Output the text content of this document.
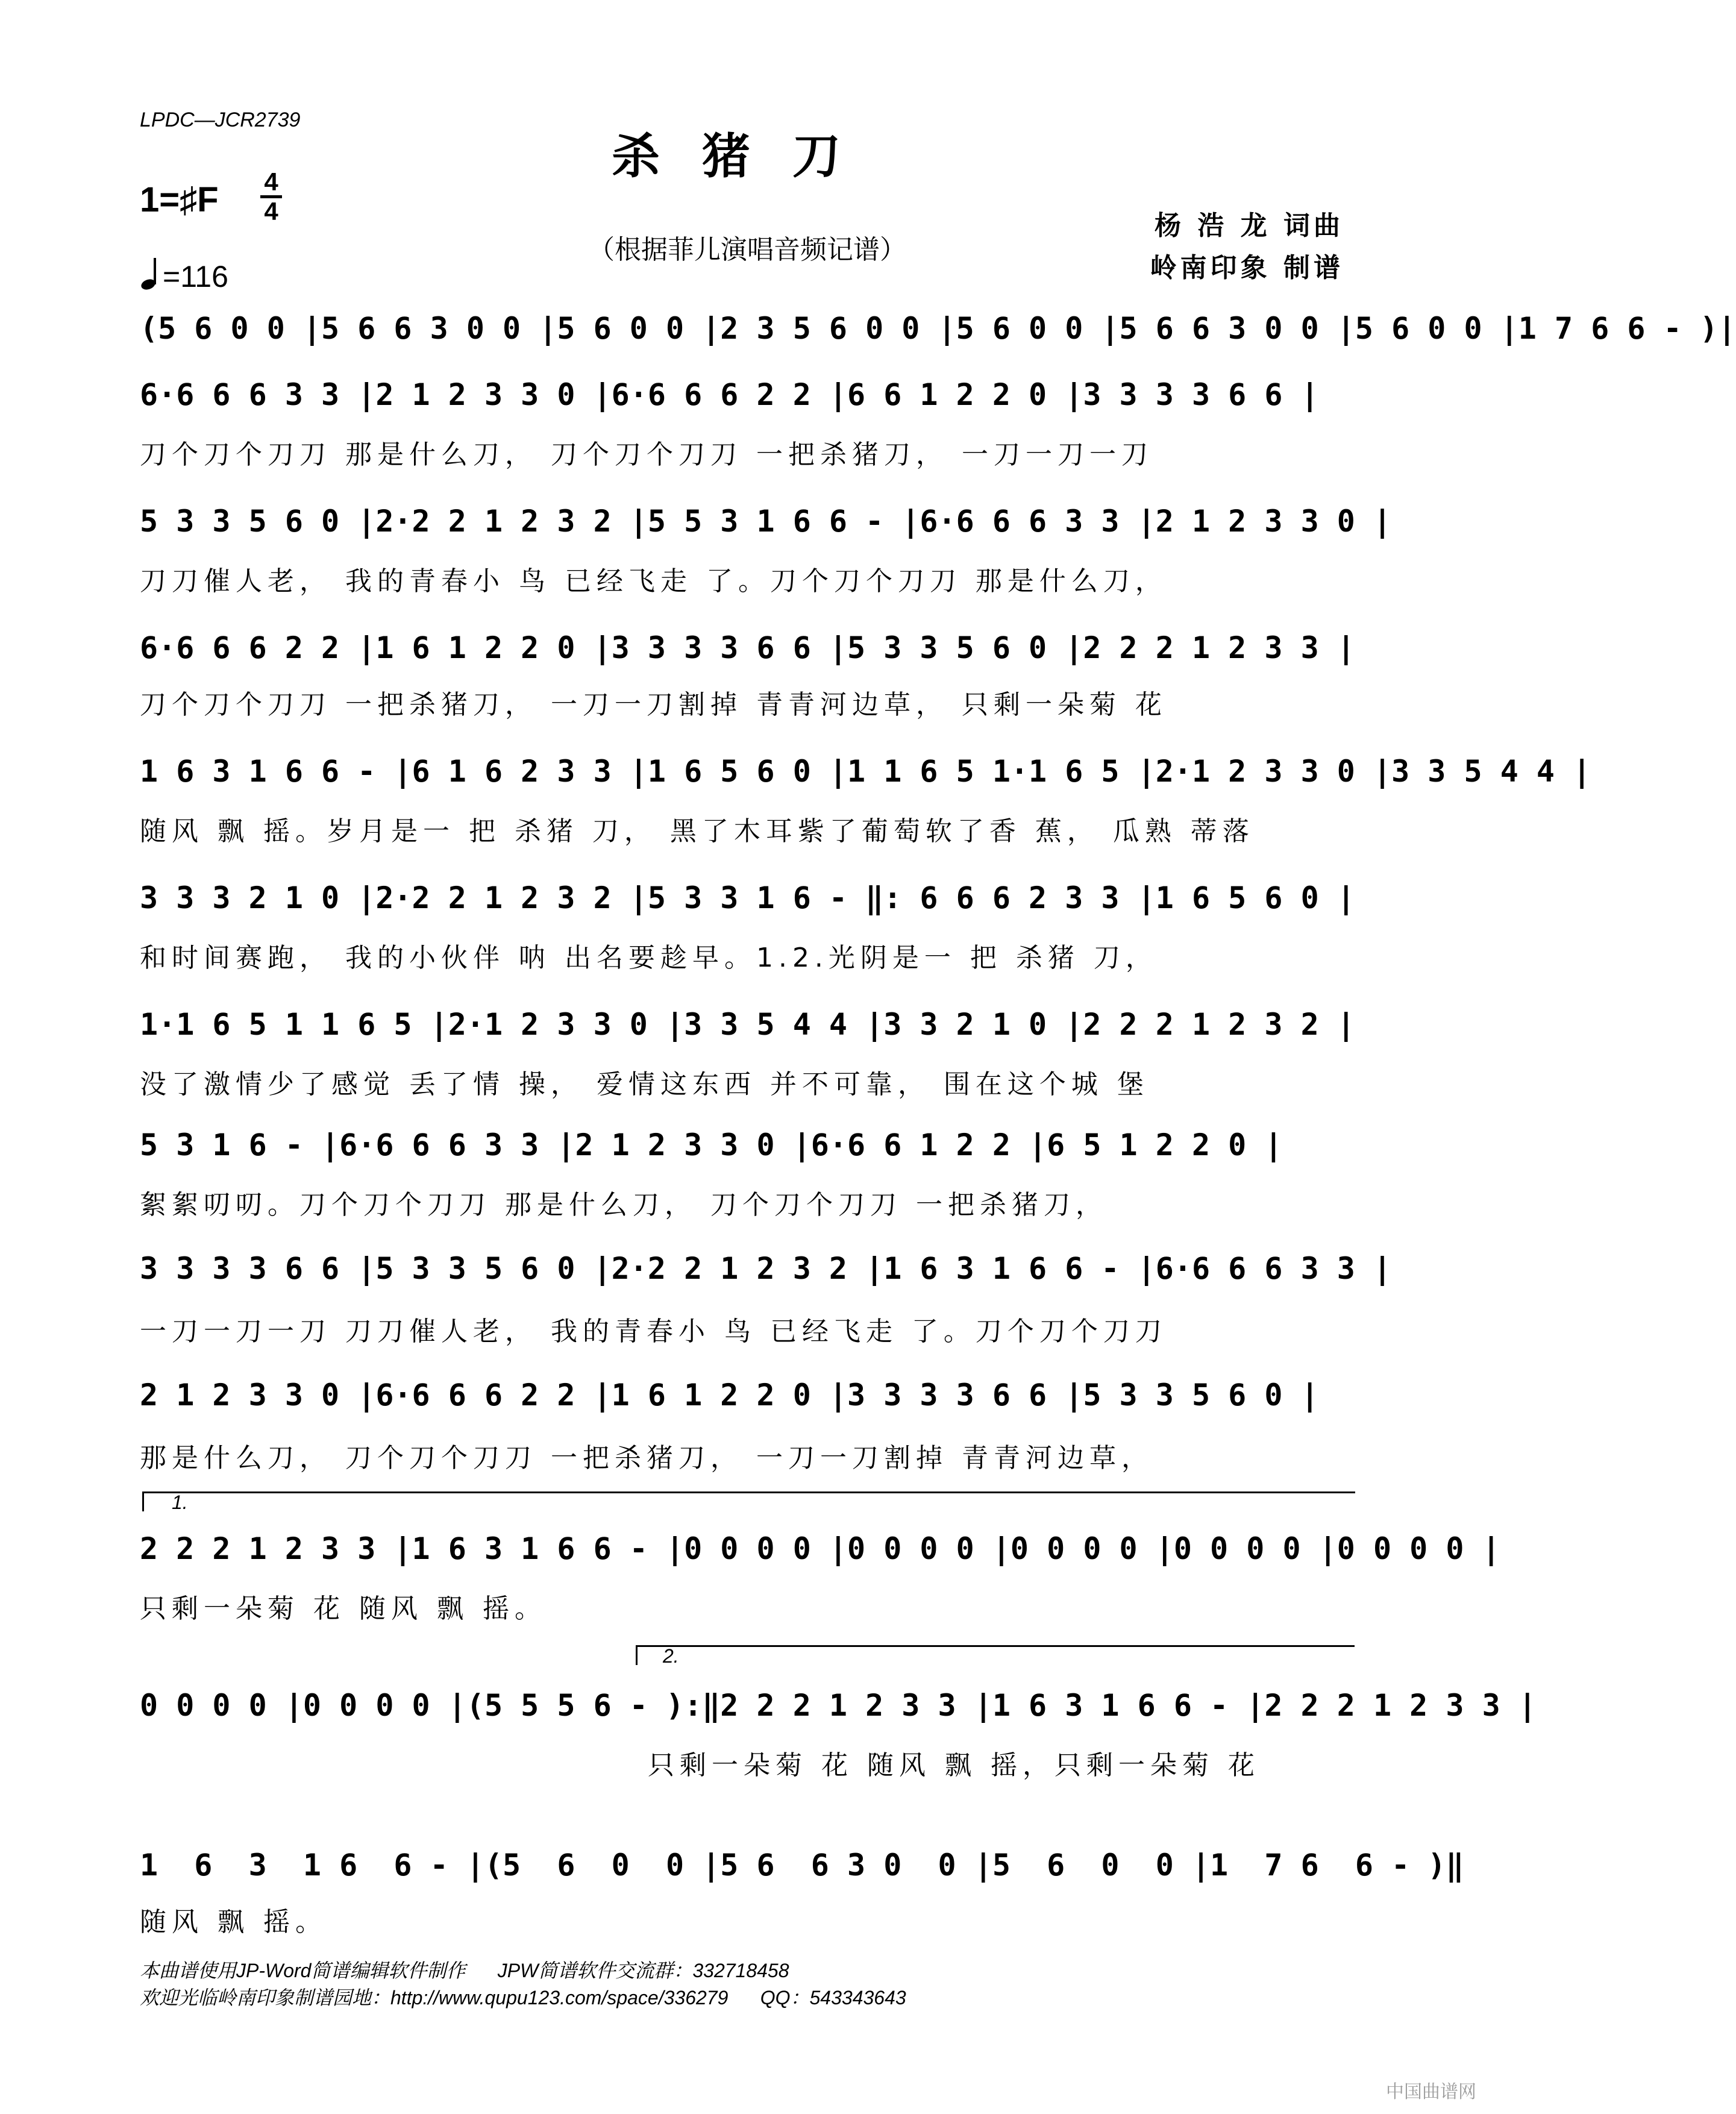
LPDC—JCR2739
杀猪刀
1=♯F 4
4
=116
（根据菲儿演唱音频记谱）
杨 浩 龙 词曲
岭南印象 制谱
(5 6 0 0 |5 6 6 3 0 0 |5 6 0 0 |2 3 5 6 0 0 |5 6 0 0 |5 6 6 3 0 0 |5 6 0 0 |1 7 6 6 - )|
6·6 6 6 3 3 |2 1 2 3 3 0 |6·6 6 6 2 2 |6 6 1 2 2 0 |3 3 3 3 6 6 |
刀个刀个刀刀 那是什么刀， 刀个刀个刀刀 一把杀猪刀， 一刀一刀一刀
5 3 3 5 6 0 |2·2 2 1 2 3 2 |5 5 3 1 6 6 - |6·6 6 6 3 3 |2 1 2 3 3 0 |
刀刀催人老， 我的青春小 鸟 已经飞走 了。刀个刀个刀刀 那是什么刀，
6·6 6 6 2 2 |1 6 1 2 2 0 |3 3 3 3 6 6 |5 3 3 5 6 0 |2 2 2 1 2 3 3 |
刀个刀个刀刀 一把杀猪刀， 一刀一刀割掉 青青河边草， 只剩一朵菊 花
1 6 3 1 6 6 - |6 1 6 2 3 3 |1 6 5 6 0 |1 1 6 5 1·1 6 5 |2·1 2 3 3 0 |3 3 5 4 4 |
随风 飘 摇。岁月是一 把 杀猪 刀， 黑了木耳紫了葡萄软了香 蕉， 瓜熟 蒂落
3 3 3 2 1 0 |2·2 2 1 2 3 2 |5 3 3 1 6 - ‖: 6 6 6 2 3 3 |1 6 5 6 0 |
和时间赛跑， 我的小伙伴 呐 出名要趁早。1.2.光阴是一 把 杀猪 刀，
1·1 6 5 1 1 6 5 |2·1 2 3 3 0 |3 3 5 4 4 |3 3 2 1 0 |2 2 2 1 2 3 2 |
没了激情少了感觉 丢了情 操， 爱情这东西 并不可靠， 围在这个城 堡
5 3 1 6 - |6·6 6 6 3 3 |2 1 2 3 3 0 |6·6 6 1 2 2 |6 5 1 2 2 0 |
絮絮叨叨。刀个刀个刀刀 那是什么刀， 刀个刀个刀刀 一把杀猪刀，
3 3 3 3 6 6 |5 3 3 5 6 0 |2·2 2 1 2 3 2 |1 6 3 1 6 6 - |6·6 6 6 3 3 |
一刀一刀一刀 刀刀催人老， 我的青春小 鸟 已经飞走 了。刀个刀个刀刀
2 1 2 3 3 0 |6·6 6 6 2 2 |1 6 1 2 2 0 |3 3 3 3 6 6 |5 3 3 5 6 0 |
那是什么刀， 刀个刀个刀刀 一把杀猪刀， 一刀一刀割掉 青青河边草，
1.
2 2 2 1 2 3 3 |1 6 3 1 6 6 - |0 0 0 0 |0 0 0 0 |0 0 0 0 |0 0 0 0 |0 0 0 0 |
只剩一朵菊 花 随风 飘 摇。
2.
0 0 0 0 |0 0 0 0 |(5 5 5 6 - ):‖2 2 2 1 2 3 3 |1 6 3 1 6 6 - |2 2 2 1 2 3 3 |
只剩一朵菊 花 随风 飘 摇，只剩一朵菊 花
1  6  3  1 6  6 - |(5  6  0  0 |5 6  6 3 0  0 |5  6  0  0 |1  7 6  6 - )‖
随风 飘 摇。
本曲谱使用JP-Word简谱编辑软件制作      JPW简谱软件交流群：332718458
欢迎光临岭南印象制谱园地：http://www.qupu123.com/space/336279      QQ：543343643
中国曲谱网
